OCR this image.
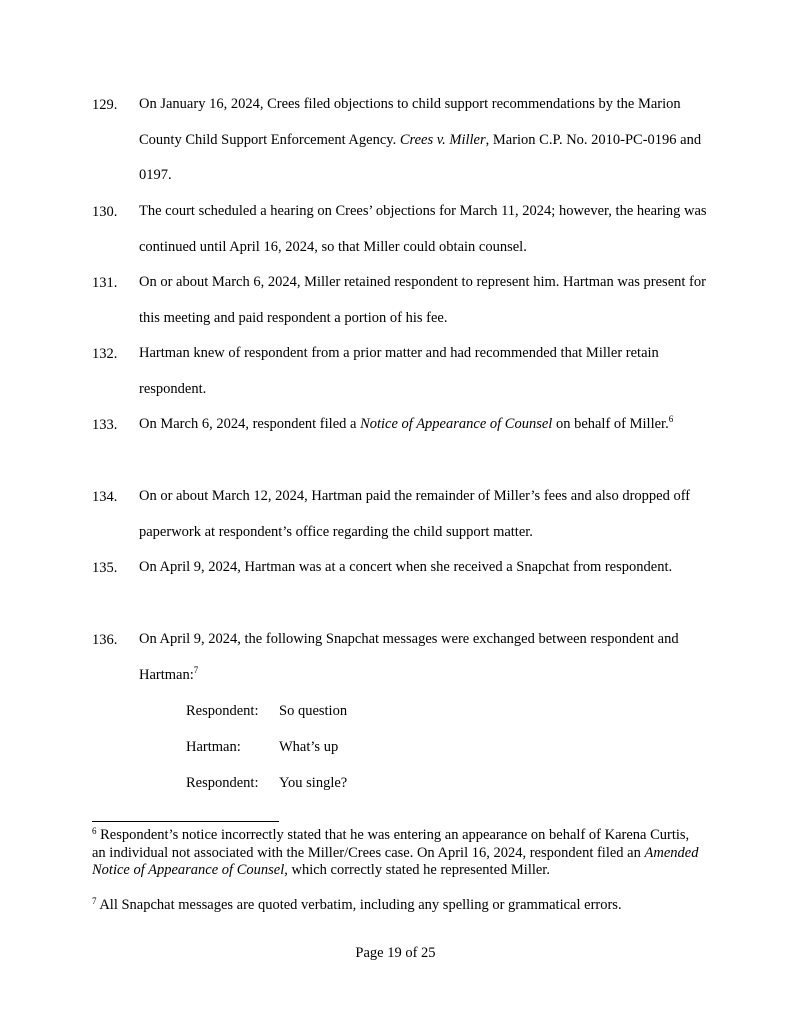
129. On January 16, 2024, Crees filed objections to child support recommendations by the Marion County Child Support Enforcement Agency. Crees v. Miller, Marion C.P. No. 2010-PC-0196 and 0197.
130. The court scheduled a hearing on Crees’ objections for March 11, 2024; however, the hearing was continued until April 16, 2024, so that Miller could obtain counsel.
131. On or about March 6, 2024, Miller retained respondent to represent him. Hartman was present for this meeting and paid respondent a portion of his fee.
132. Hartman knew of respondent from a prior matter and had recommended that Miller retain respondent.
133. On March 6, 2024, respondent filed a Notice of Appearance of Counsel on behalf of Miller.$^6$
134. On or about March 12, 2024, Hartman paid the remainder of Miller’s fees and also dropped off paperwork at respondent’s office regarding the child support matter.
135. On April 9, 2024, Hartman was at a concert when she received a Snapchat from respondent.
136. On April 9, 2024, the following Snapchat messages were exchanged between respondent and Hartman:$^7$
Respondent: So question
Hartman:	What’s up
Respondent: You single?
$^6$ Respondent’s notice incorrectly stated that he was entering an appearance on behalf of Karena Curtis, an individual not associated with the Miller/Crees case. On April 16, 2024, respondent filed an Amended Notice of Appearance of Counsel, which correctly stated he represented Miller.
$^7$ All Snapchat messages are quoted verbatim, including any spelling or grammatical errors.
Page 19 of 25
